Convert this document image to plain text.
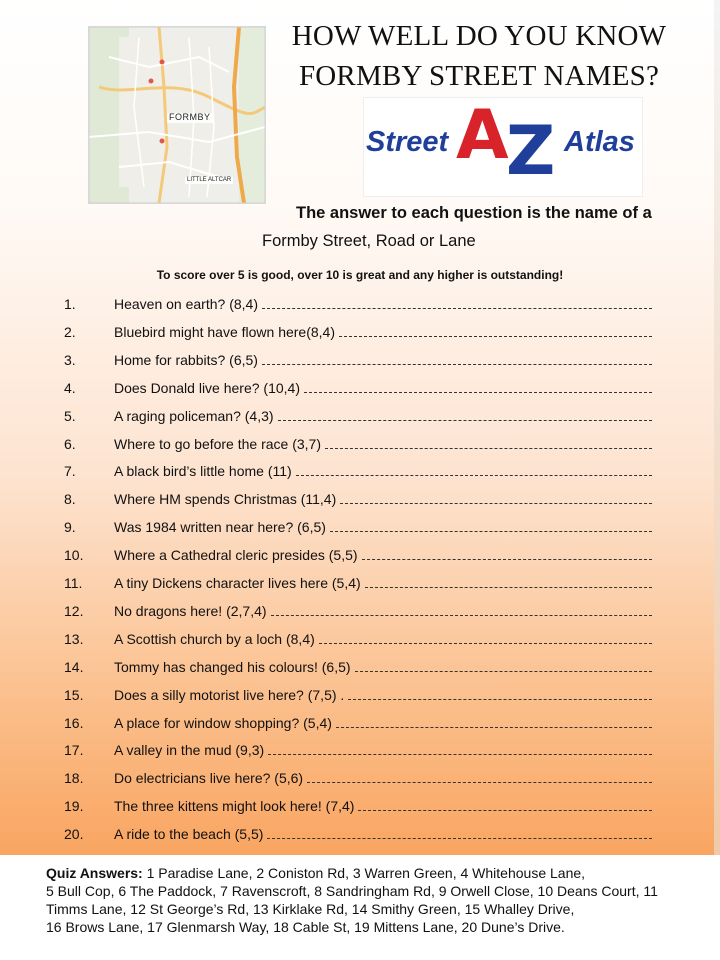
FORMBY
LITTLE ALTCAR
HOW WELL DO YOU KNOW
FORMBY STREET NAMES?
Street A
Z Atlas
The answer to each question is the name of a
Formby Street, Road or Lane
To score over 5 is good, over 10 is great and any higher is outstanding!
1.	Heaven on earth? (8,4)
2.	Bluebird might have flown here(8,4)
3.	Home for rabbits? (6,5)
4.	Does Donald live here? (10,4)
5.	A raging policeman? (4,3)
6.	Where to go before the race (3,7)
7.	A black bird’s little home (11)
8.	Where HM spends Christmas (11,4)
9.	Was 1984 written near here? (6,5)
10. Where a Cathedral cleric presides (5,5)
11. A tiny Dickens character lives here (5,4)
12. No dragons here! (2,7,4)
13. A Scottish church by a loch (8,4)
14. Tommy has changed his colours! (6,5)
15. Does a silly motorist live here? (7,5) .
16. A place for window shopping? (5,4)
17. A valley in the mud (9,3)
18. Do electricians live here? (5,6)
19. The three kittens might look here! (7,4)
20. A ride to the beach (5,5)
Quiz Answers: 1 Paradise Lane, 2 Coniston Rd, 3 Warren Green, 4 Whitehouse Lane,
5 Bull Cop, 6 The Paddock, 7 Ravenscroft, 8 Sandringham Rd, 9 Orwell Close, 10 Deans Court, 11
Timms Lane, 12 St George’s Rd, 13 Kirklake Rd, 14 Smithy Green, 15 Whalley Drive,
16 Brows Lane, 17 Glenmarsh Way, 18 Cable St, 19 Mittens Lane, 20 Dune’s Drive.
